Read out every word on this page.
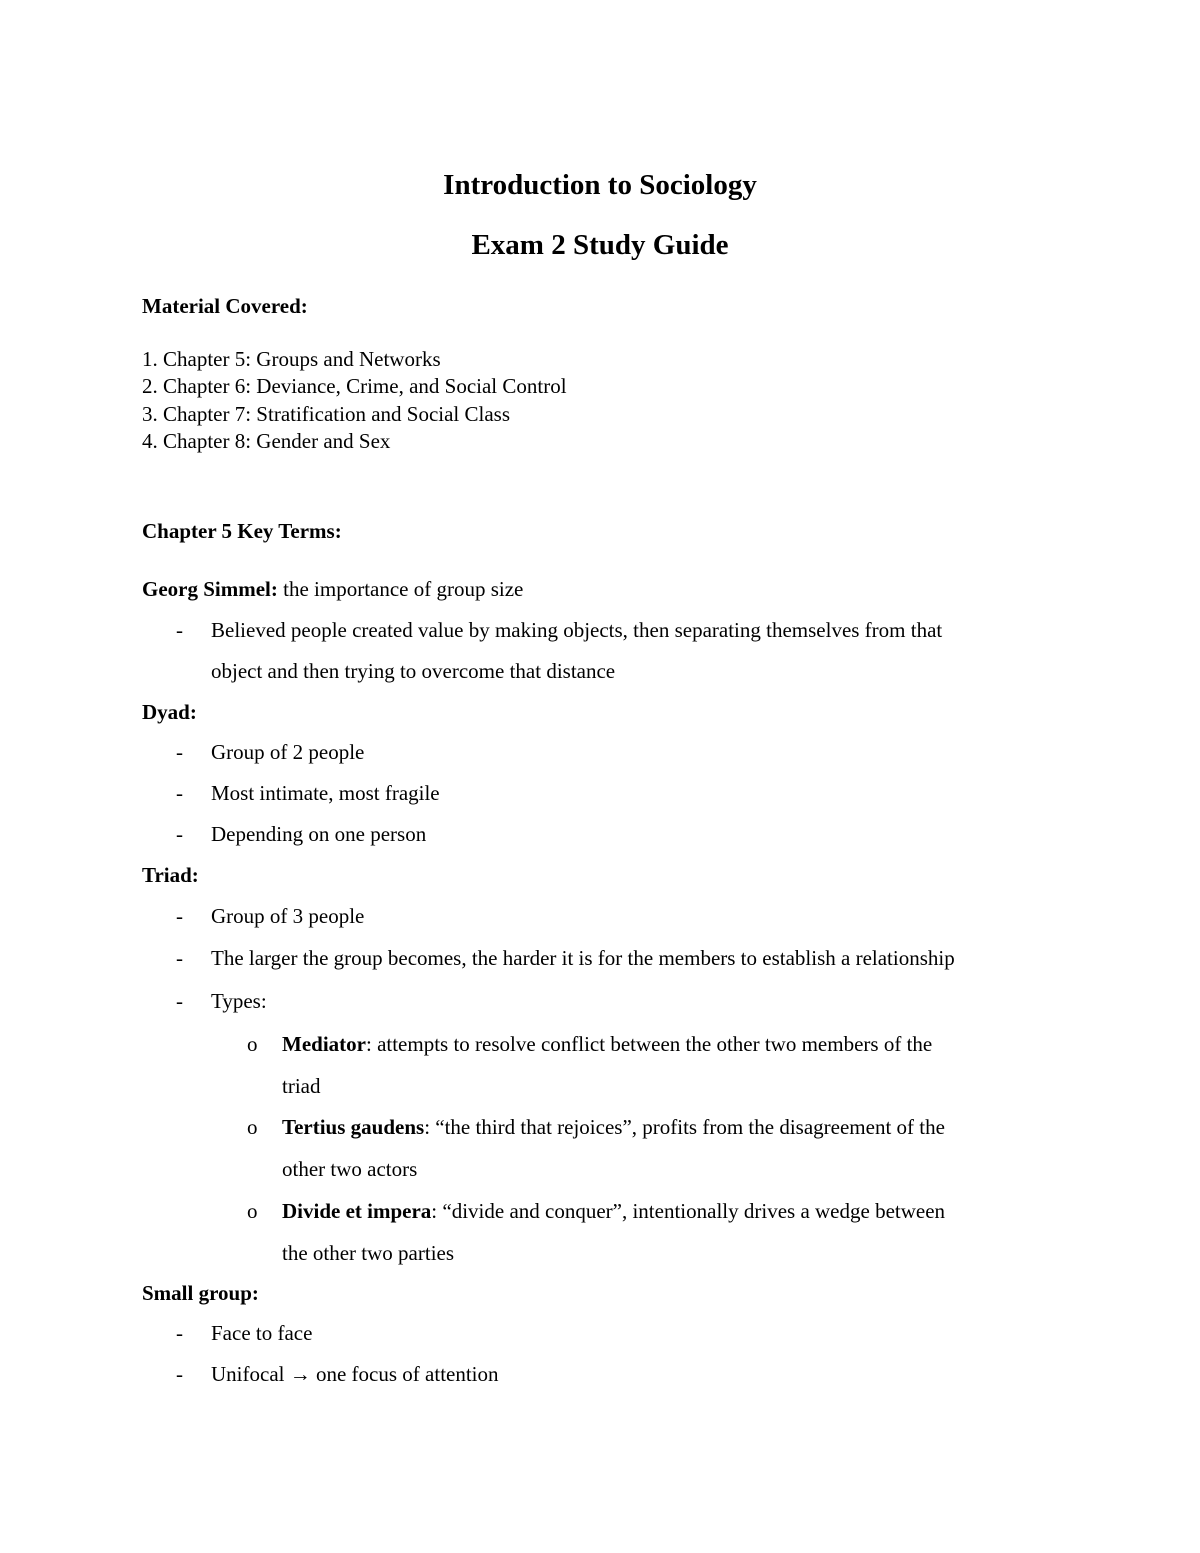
Introduction to Sociology
Exam 2 Study Guide

Material Covered:

1. Chapter 5: Groups and Networks

2. Chapter 6: Deviance, Crime, and Social Control

3. Chapter 7: Stratification and Social Class

4. Chapter 8: Gender and Sex

Chapter 5 Key Terms:

Georg Simmel: the importance of group size

- Believed people created value by making objects, then separating themselves from that

object and then trying to overcome that distance

Dyad:

- Group of 2 people

- Most intimate, most fragile

- Depending on one person

Triad:

- Group of 3 people

- The larger the group becomes, the harder it is for the members to establish a relationship

- Types:

o Mediator: attempts to resolve conflict between the other two members of the

triad

o Tertius gaudens: “the third that rejoices”, profits from the disagreement of the

other two actors

o Divide et impera: “divide and conquer”, intentionally drives a wedge between

the other two parties

Small group:

- Face to face

- Unifocal → one focus of attention
